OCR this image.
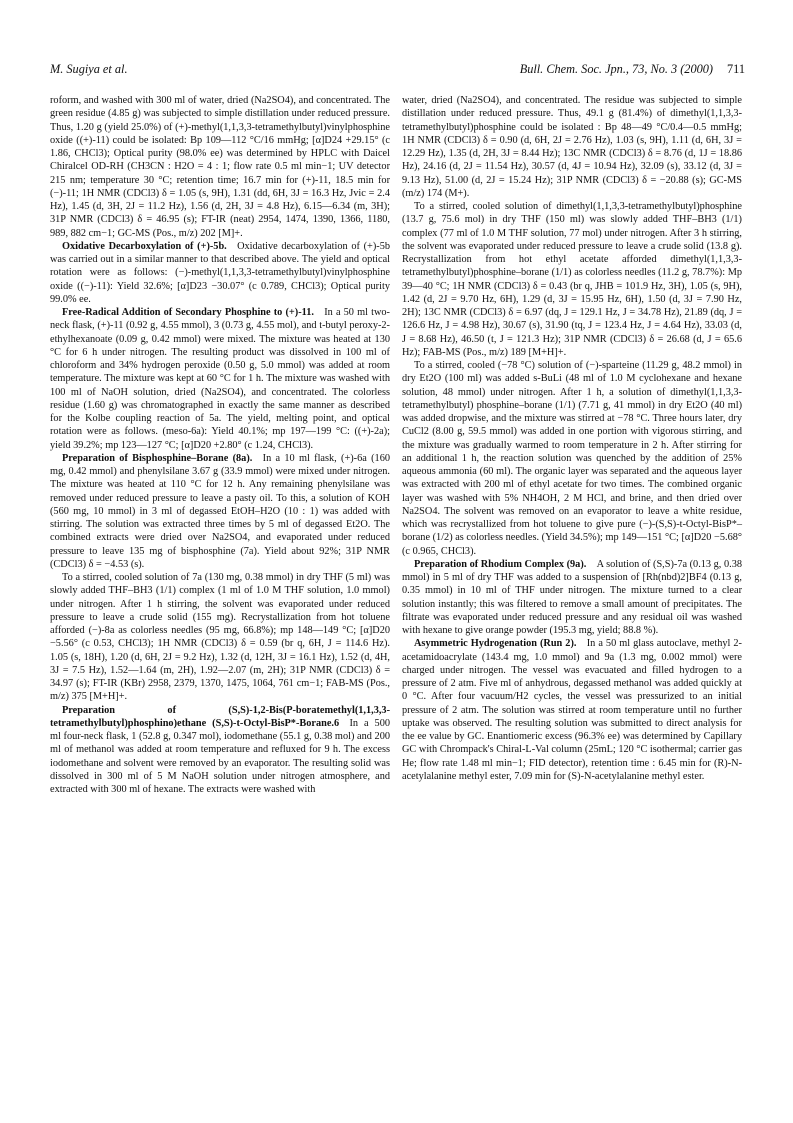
M. Sugiya et al.	Bull. Chem. Soc. Jpn., 73, No. 3 (2000) 711

roform, and washed with 300 ml of water, dried (Na2SO4), and concentrated. The green residue (4.85 g) was subjected to simple distillation under reduced pressure. Thus, 1.20 g (yield 25.0%) of (+)-methyl(1,1,3,3-tetramethylbutyl)vinylphosphine oxide ((+)-11) could be isolated: Bp 109—112 °C/16 mmHg; [α]D24 +29.15° (c 1.86, CHCl3); Optical purity (98.0% ee) was determined by HPLC with Daicel Chiralcel OD-RH (CH3CN : H2O = 4 : 1; flow rate 0.5 ml min−1; UV detector 215 nm; temperature 30 °C; retention time; 16.7 min for (+)-11, 18.5 min for (−)-11; 1H NMR (CDCl3) δ = 1.05 (s, 9H), 1.31 (dd, 6H, 3J = 16.3 Hz, Jvic = 2.4 Hz), 1.45 (d, 3H, 2J = 11.2 Hz), 1.56 (d, 2H, 3J = 4.8 Hz), 6.15—6.34 (m, 3H); 31P NMR (CDCl3) δ = 46.95 (s); FT-IR (neat) 2954, 1474, 1390, 1366, 1180, 989, 882 cm−1; GC-MS (Pos., m/z) 202 [M]+.

Oxidative Decarboxylation of (+)-5b.  Oxidative decarboxylation of (+)-5b was carried out in a similar manner to that described above. The yield and optical rotation were as follows: (−)-methyl(1,1,3,3-tetramethylbutyl)vinylphosphine oxide ((−)-11): Yield 32.6%; [α]D23 −30.07° (c 0.789, CHCl3); Optical purity 99.0% ee.

Free-Radical Addition of Secondary Phosphine to (+)-11.  In a 50 ml two-neck flask, (+)-11 (0.92 g, 4.55 mmol), 3 (0.73 g, 4.55 mol), and t-butyl peroxy-2-ethylhexanoate (0.09 g, 0.42 mmol) were mixed. The mixture was heated at 130 °C for 6 h under nitrogen. The resulting product was dissolved in 100 ml of chloroform and 34% hydrogen peroxide (0.50 g, 5.0 mmol) was added at room temperature. The mixture was kept at 60 °C for 1 h. The mixture was washed with 100 ml of NaOH solution, dried (Na2SO4), and concentrated. The colorless residue (1.60 g) was chromatographed in exactly the same manner as described for the Kolbe coupling reaction of 5a. The yield, melting point, and optical rotation were as follows. (meso-6a): Yield 40.1%; mp 197—199 °C: ((+)-2a); yield 39.2%; mp 123—127 °C; [α]D20 +2.80° (c 1.24, CHCl3).

Preparation of Bisphosphine–Borane (8a).  In a 10 ml flask, (+)-6a (160 mg, 0.42 mmol) and phenylsilane 3.67 g (33.9 mmol) were mixed under nitrogen. The mixture was heated at 110 °C for 12 h. Any remaining phenylsilane was removed under reduced pressure to leave a pasty oil. To this, a solution of KOH (560 mg, 10 mmol) in 3 ml of degassed EtOH–H2O (10 : 1) was added with stirring. The solution was extracted three times by 5 ml of degassed Et2O. The combined extracts were dried over Na2SO4, and evaporated under reduced pressure to leave 135 mg of bisphosphine (7a). Yield about 92%; 31P NMR (CDCl3) δ = −4.53 (s).

To a stirred, cooled solution of 7a (130 mg, 0.38 mmol) in dry THF (5 ml) was slowly added THF–BH3 (1/1) complex (1 ml of 1.0 M THF solution, 1.0 mmol) under nitrogen. After 1 h stirring, the solvent was evaporated under reduced pressure to leave a crude solid (155 mg). Recrystallization from hot toluene afforded (−)-8a as colorless needles (95 mg, 66.8%); mp 148—149 °C; [α]D20 −5.56° (c 0.53, CHCl3); 1H NMR (CDCl3) δ = 0.59 (br q, 6H, J = 114.6 Hz). 1.05 (s, 18H), 1.20 (d, 6H, 2J = 9.2 Hz), 1.32 (d, 12H, 3J = 16.1 Hz), 1.52 (d, 4H, 3J = 7.5 Hz), 1.52—1.64 (m, 2H), 1.92—2.07 (m, 2H); 31P NMR (CDCl3) δ = 34.97 (s); FT-IR (KBr) 2958, 2379, 1370, 1475, 1064, 761 cm−1; FAB-MS (Pos., m/z) 375 [M+H]+.

Preparation of (S,S)-1,2-Bis(P-boratemethyl(1,1,3,3-tetramethylbutyl)phosphino)ethane (S,S)-t-Octyl-BisP*-Borane.6  In a 500 ml four-neck flask, 1 (52.8 g, 0.347 mol), iodomethane (55.1 g, 0.38 mol) and 200 ml of methanol was added at room temperature and refluxed for 9 h. The excess iodomethane and solvent were removed by an evaporator. The resulting solid was dissolved in 300 ml of 5 M NaOH solution under nitrogen atmosphere, and extracted with 300 ml of hexane. The extracts were washed with

water, dried (Na2SO4), and concentrated. The residue was subjected to simple distillation under reduced pressure. Thus, 49.1 g (81.4%) of dimethyl(1,1,3,3-tetramethylbutyl)phosphine could be isolated : Bp 48—49 °C/0.4—0.5 mmHg; 1H NMR (CDCl3) δ = 0.90 (d, 6H, 2J = 2.76 Hz), 1.03 (s, 9H), 1.11 (d, 6H, 3J = 12.29 Hz), 1.35 (d, 2H, 3J = 8.44 Hz); 13C NMR (CDCl3) δ = 8.76 (d, 1J = 18.86 Hz), 24.16 (d, 2J = 11.54 Hz), 30.57 (d, 4J = 10.94 Hz), 32.09 (s), 33.12 (d, 3J = 9.13 Hz), 51.00 (d, 2J = 15.24 Hz); 31P NMR (CDCl3) δ = −20.88 (s); GC-MS (m/z) 174 (M+).

To a stirred, cooled solution of dimethyl(1,1,3,3-tetramethylbutyl)phosphine (13.7 g, 75.6 mol) in dry THF (150 ml) was slowly added THF–BH3 (1/1) complex (77 ml of 1.0 M THF solution, 77 mol) under nitrogen. After 3 h stirring, the solvent was evaporated under reduced pressure to leave a crude solid (13.8 g). Recrystallization from hot ethyl acetate afforded dimethyl(1,1,3,3-tetramethylbutyl)phosphine–borane (1/1) as colorless needles (11.2 g, 78.7%): Mp 39—40 °C; 1H NMR (CDCl3) δ = 0.43 (br q, JHB = 101.9 Hz, 3H), 1.05 (s, 9H), 1.42 (d, 2J = 9.70 Hz, 6H), 1.29 (d, 3J = 15.95 Hz, 6H), 1.50 (d, 3J = 7.90 Hz, 2H); 13C NMR (CDCl3) δ = 6.97 (dq, J = 129.1 Hz, J = 34.78 Hz), 21.89 (dq, J = 126.6 Hz, J = 4.98 Hz), 30.67 (s), 31.90 (tq, J = 123.4 Hz, J = 4.64 Hz), 33.03 (d, J = 8.68 Hz), 46.50 (t, J = 121.3 Hz); 31P NMR (CDCl3) δ = 26.68 (d, J = 65.6 Hz); FAB-MS (Pos., m/z) 189 [M+H]+.

To a stirred, cooled (−78 °C) solution of (−)-sparteine (11.29 g, 48.2 mmol) in dry Et2O (100 ml) was added s-BuLi (48 ml of 1.0 M cyclohexane and hexane solution, 48 mmol) under nitrogen. After 1 h, a solution of dimethyl(1,1,3,3-tetramethylbutyl) phosphine–borane (1/1) (7.71 g, 41 mmol) in dry Et2O (40 ml) was added dropwise, and the mixture was stirred at −78 °C. Three hours later, dry CuCl2 (8.00 g, 59.5 mmol) was added in one portion with vigorous stirring, and the mixture was gradually warmed to room temperature in 2 h. After stirring for an additional 1 h, the reaction solution was quenched by the addition of 25% aqueous ammonia (60 ml). The organic layer was separated and the aqueous layer was extracted with 200 ml of ethyl acetate for two times. The combined organic layer was washed with 5% NH4OH, 2 M HCl, and brine, and then dried over Na2SO4. The solvent was removed on an evaporator to leave a white residue, which was recrystallized from hot toluene to give pure (−)-(S,S)-t-Octyl-BisP*–borane (1/2) as colorless needles. (Yield 34.5%); mp 149—151 °C; [α]D20 −5.68° (c 0.965, CHCl3).

Preparation of Rhodium Complex (9a).  A solution of (S,S)-7a (0.13 g, 0.38 mmol) in 5 ml of dry THF was added to a suspension of [Rh(nbd)2]BF4 (0.13 g, 0.35 mmol) in 10 ml of THF under nitrogen. The mixture turned to a clear solution instantly; this was filtered to remove a small amount of precipitates. The filtrate was evaporated under reduced pressure and any residual oil was washed with hexane to give orange powder (195.3 mg, yield; 88.8 %).

Asymmetric Hydrogenation (Run 2).  In a 50 ml glass autoclave, methyl 2-acetamidoacrylate (143.4 mg, 1.0 mmol) and 9a (1.3 mg, 0.002 mmol) were charged under nitrogen. The vessel was evacuated and filled hydrogen to a pressure of 2 atm. Five ml of anhydrous, degassed methanol was added quickly at 0 °C. After four vacuum/H2 cycles, the vessel was pressurized to an initial pressure of 2 atm. The solution was stirred at room temperature until no further uptake was observed. The resulting solution was submitted to direct analysis for the ee value by GC. Enantiomeric excess (96.3% ee) was determined by Capillary GC with Chrompack's Chiral-L-Val column (25mL; 120 °C isothermal; carrier gas He; flow rate 1.48 ml min−1; FID detector), retention time : 6.45 min for (R)-N-acetylalanine methyl ester, 7.09 min for (S)-N-acetylalanine methyl ester.
